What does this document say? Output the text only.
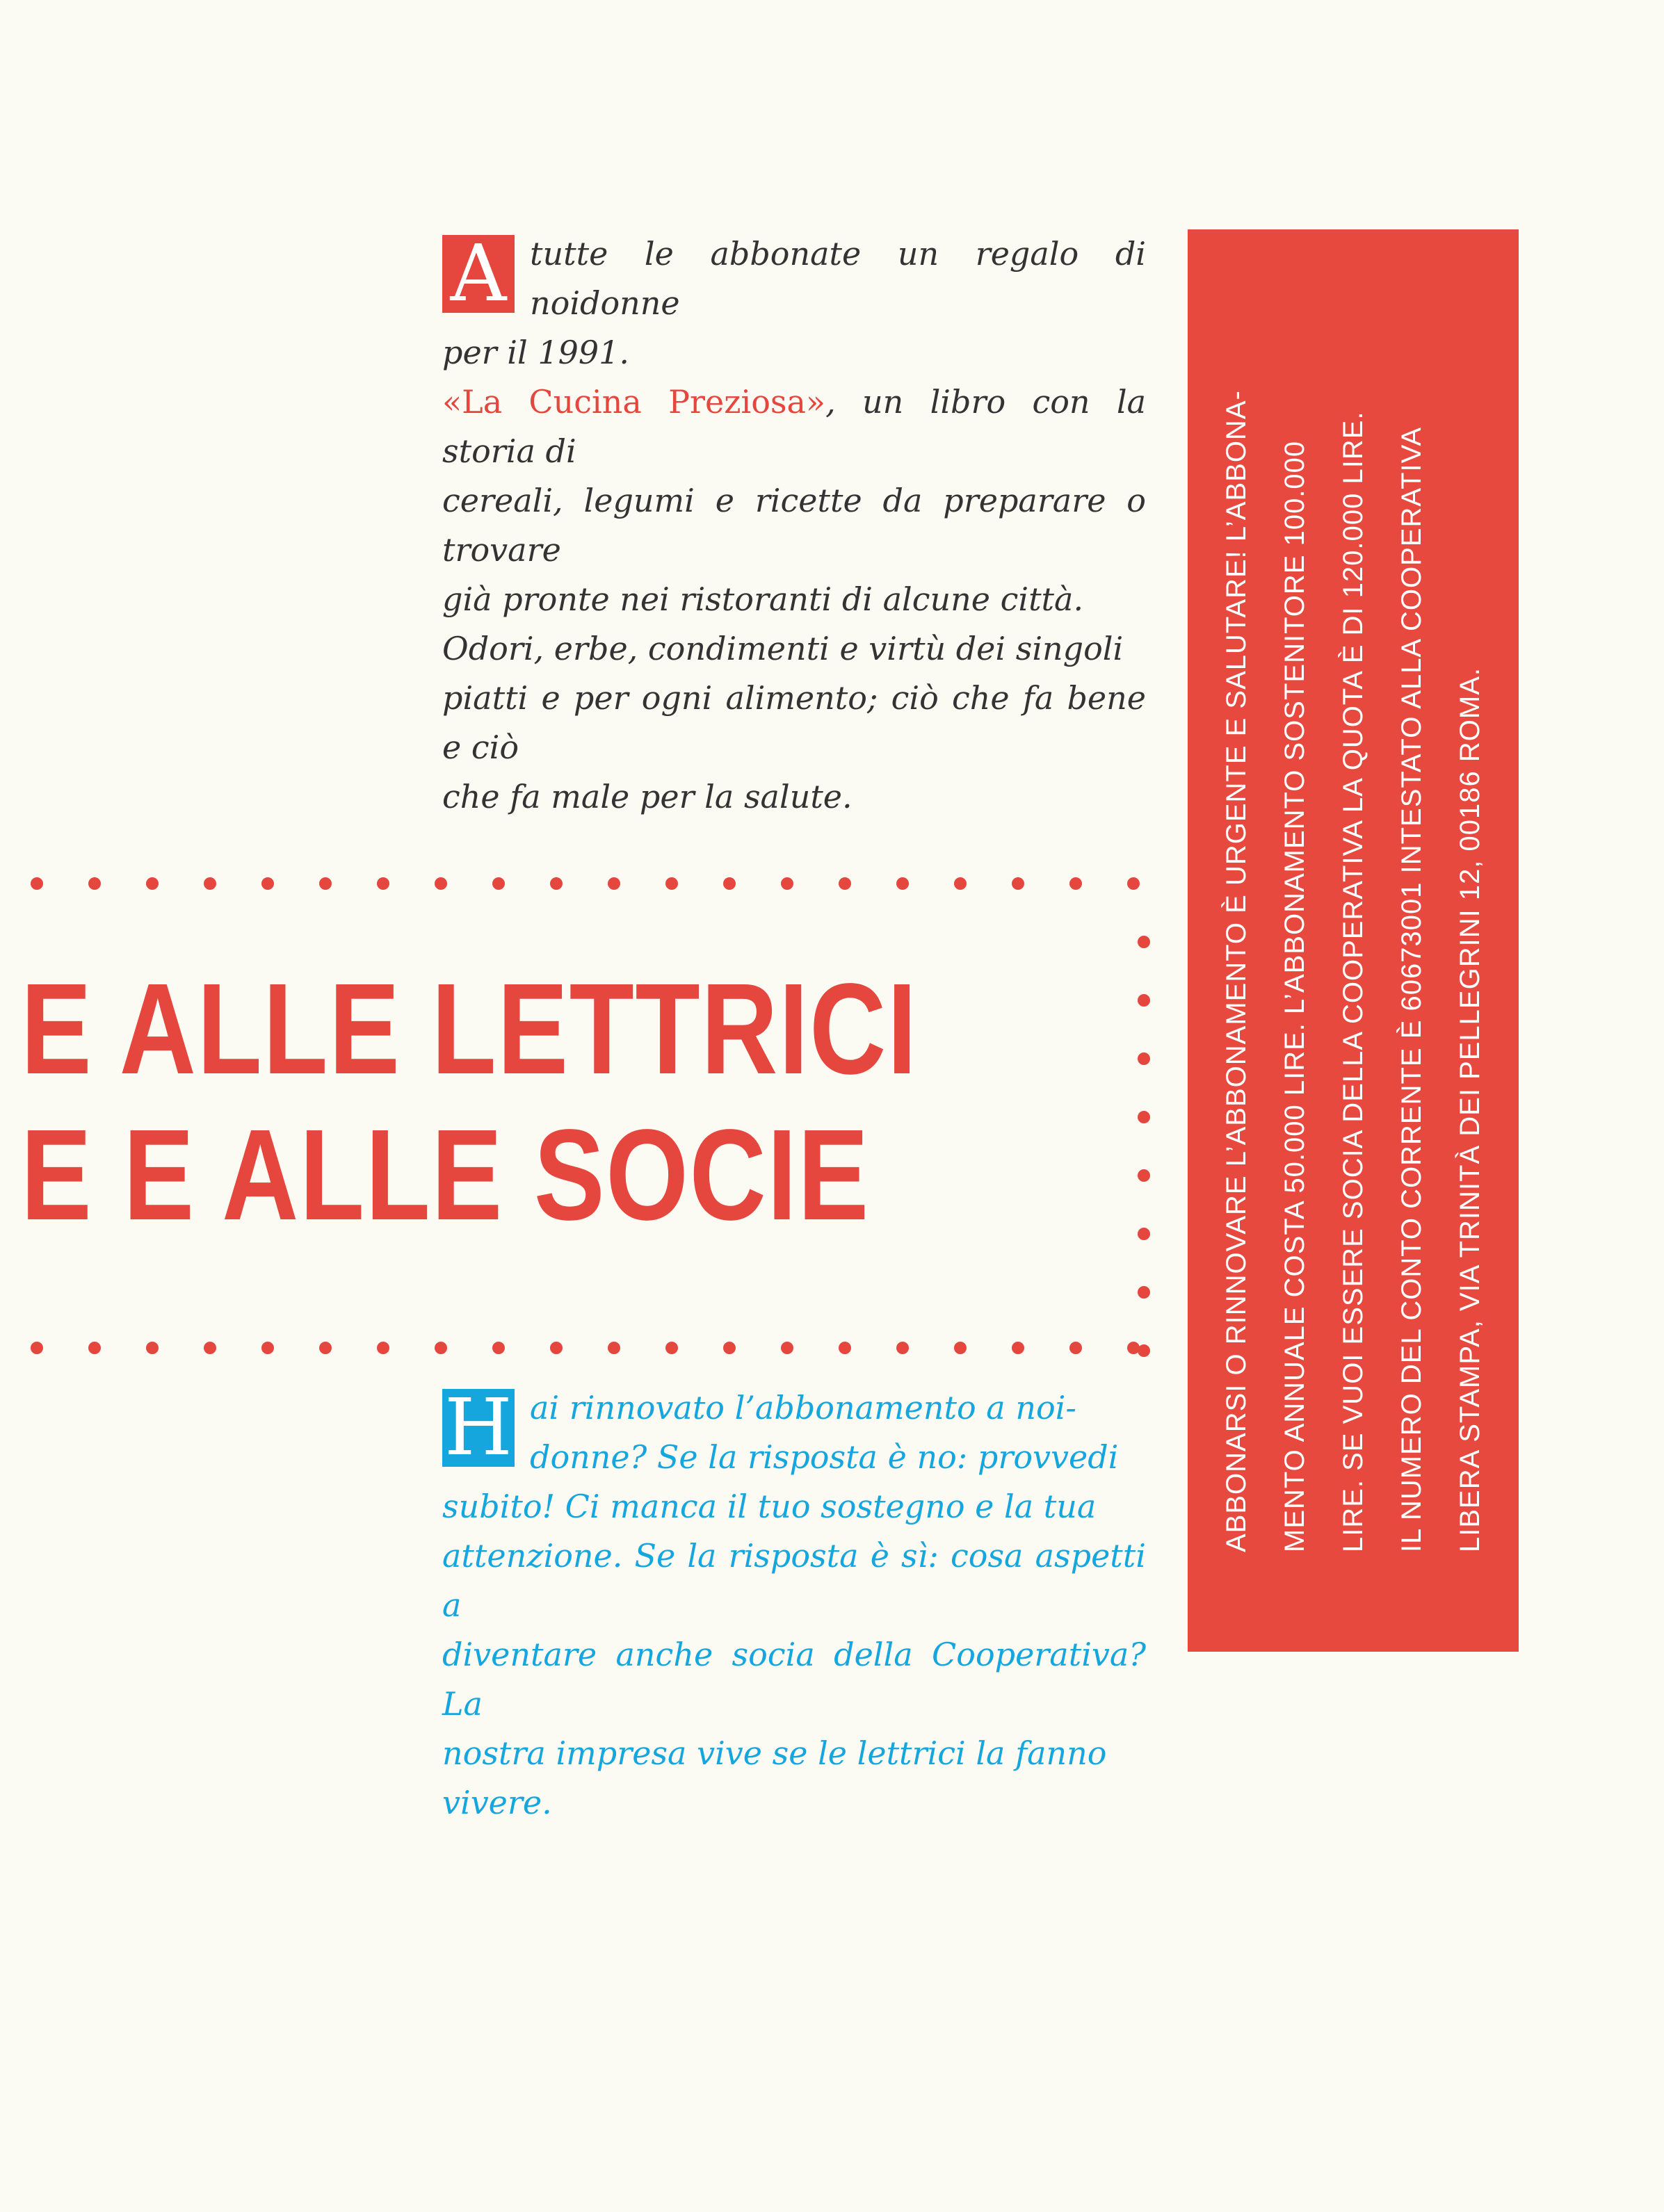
A tutte le abbonate un regalo di noidonne
per il 1991.
«La Cucina Preziosa», un libro con la storia di
cereali, legumi e ricette da preparare o trovare
già pronte nei ristoranti di alcune città.
Odori, erbe, condimenti e virtù dei singoli
piatti e per ogni alimento; ciò che fa bene e ciò
che fa male per la salute.
E ALLE LETTRICI
E E ALLE SOCIE
H ai rinnovato l’abbonamento a noi-
donne? Se la risposta è no: provvedi
subito! Ci manca il tuo sostegno e la tua
attenzione. Se la risposta è sì: cosa aspetti a
diventare anche socia della Cooperativa? La
nostra impresa vive se le lettrici la fanno
vivere.
ABBONARSI O RINNOVARE L’ABBONAMENTO È URGENTE E SALUTARE! L’ABBONA-	MENTO ANNUALE COSTA 50.000 LIRE. L’ABBONAMENTO SOSTENITORE 100.000	LIRE. SE VUOI ESSERE SOCIA DELLA COOPERATIVA LA QUOTA È DI 120.000 LIRE.	IL NUMERO DEL CONTO CORRENTE È 60673001 INTESTATO ALLA COOPERATIVA	LIBERA STAMPA, VIA TRINITÀ DEI PELLEGRINI 12, 00186 ROMA.
